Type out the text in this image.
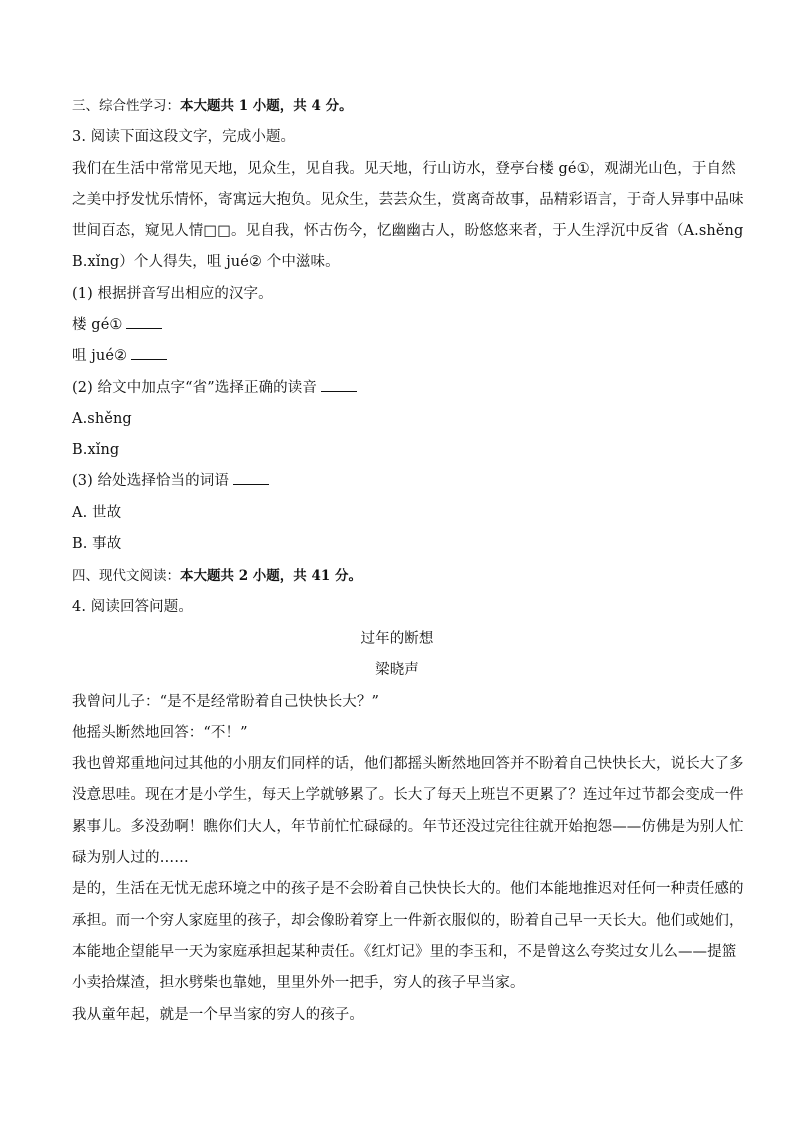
三、综合性学习：本大题共 1 小题，共 4 分。
3. 阅读下面这段文字，完成小题。
我们在生活中常常见天地，见众生，见自我。见天地，行山访水，登亭台楼 gé①，观湖光山色，于自然
之美中抒发忧乐情怀，寄寓远大抱负。见众生，芸芸众生，赏离奇故事，品精彩语言，于奇人异事中品味
世间百态，窥见人情□□。见自我，怀古伤今，忆幽幽古人，盼悠悠来者，于人生浮沉中反省（A.shěng
B.xǐng）个人得失，咀 jué② 个中滋味。
(1) 根据拼音写出相应的汉字。
楼 gé①
咀 jué②
(2) 给文中加点字“省”选择正确的读音
A.shěng
B.xǐng
(3) 给处选择恰当的词语
A. 世故
B. 事故
四、现代文阅读：本大题共 2 小题，共 41 分。
4. 阅读回答问题。
过年的断想
梁晓声
我曾问儿子：“是不是经常盼着自己快快长大？”
他摇头断然地回答：“不！”
我也曾郑重地问过其他的小朋友们同样的话，他们都摇头断然地回答并不盼着自己快快长大，说长大了多
没意思哇。现在才是小学生，每天上学就够累了。长大了每天上班岂不更累了？连过年过节都会变成一件
累事儿。多没劲啊！瞧你们大人，年节前忙忙碌碌的。年节还没过完往往就开始抱怨——仿佛是为别人忙
碌为别人过的……
是的，生活在无忧无虑环境之中的孩子是不会盼着自己快快长大的。他们本能地推迟对任何一种责任感的
承担。而一个穷人家庭里的孩子，却会像盼着穿上一件新衣服似的，盼着自己早一天长大。他们或她们，
本能地企望能早一天为家庭承担起某种责任。《红灯记》里的李玉和，不是曾这么夸奖过女儿么——提篮
小卖拾煤渣，担水劈柴也靠她，里里外外一把手，穷人的孩子早当家。
我从童年起，就是一个早当家的穷人的孩子。
